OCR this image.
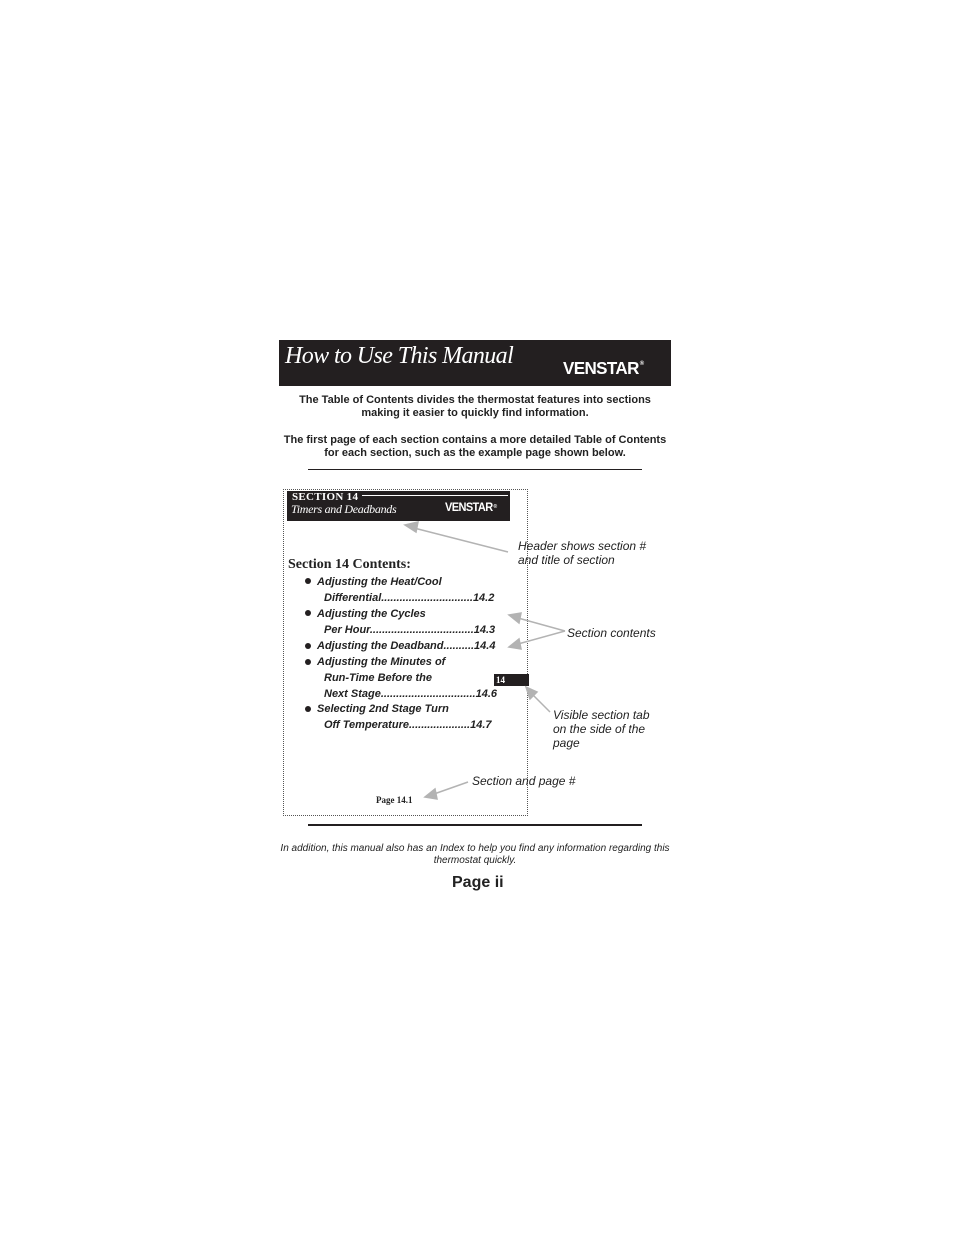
How to Use This Manual	VENSTAR®
The Table of Contents divides the thermostat features into sections making it easier to quickly find information.
The first page of each section contains a more detailed Table of Contents for each section, such as the example page shown below.
SECTION 14
Timers and Deadbands	VENSTAR®
Section 14 Contents:
Adjusting the Heat/Cool
Differential..............................14.2
Adjusting the Cycles
Per Hour..................................14.3
Adjusting the Deadband..........14.4
Adjusting the Minutes of
Run-Time Before the
Next Stage...............................14.6
Selecting 2nd Stage Turn
Off Temperature....................14.7
14
Page 14.1
Header shows section #
and title of section
Section contents
Visible section tab
on the side of the
page
Section and page #
In addition, this manual also has an Index to help you find any information regarding this thermostat quickly.
Page ii
